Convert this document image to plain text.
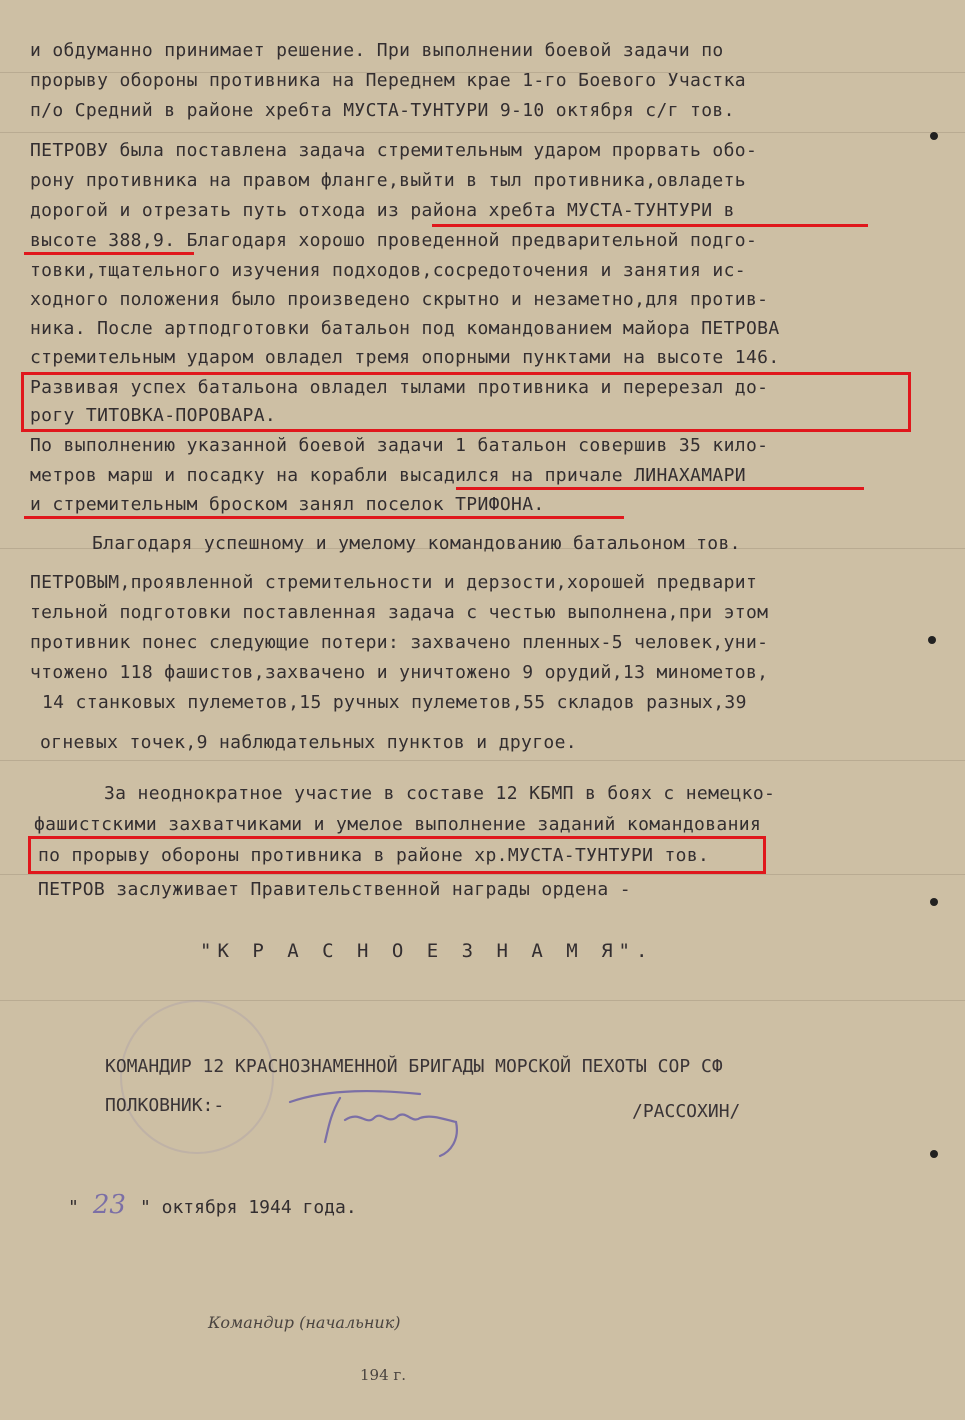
и обдуманно принимает решение. При выполнении боевой задачи по
прорыву обороны противника на Переднем крае 1-го Боевого Участка
п/о Средний в районе хребта МУСТА-ТУНТУРИ 9-10 октября с/г тов.
ПЕТРОВУ была поставлена задача стремительным ударом прорвать обо-
рону противника на правом фланге,выйти в тыл противника,овладеть
дорогой и отрезать путь отхода из района хребта МУСТА-ТУНТУРИ в
высоте 388,9. Благодаря хорошо проведенной предварительной подго-
товки,тщательного изучения подходов,сосредоточения и занятия ис-
ходного положения было произведено скрытно и незаметно,для против-
ника. После артподготовки батальон под командованием майора ПЕТРОВА
стремительным ударом овладел тремя опорными пунктами на высоте 146.
Развивая успех батальона овладел тылами противника и перерезал до-
рогу ТИТОВКА-ПОРОВАРА.
По выполнению указанной боевой задачи 1 батальон совершив 35 кило-
метров марш и посадку на корабли высадился на причале ЛИНАХАМАРИ
и стремительным броском занял поселок ТРИФОНА.
Благодаря успешному и умелому командованию батальоном тов.
ПЕТРОВЫМ,проявленной стремительности и дерзости,хорошей предварит
тельной подготовки поставленная задача с честью выполнена,при этом
противник понес следующие потери: захвачено пленных-5 человек,уни-
чтожено 118 фашистов,захвачено и уничтожено 9 орудий,13 минометов,
14 станковых пулеметов,15 ручных пулеметов,55 складов разных,39
огневых точек,9 наблюдательных пунктов и другое.
За неоднократное участие в составе 12 КБМП в боях с немецко-
фашистскими захватчиками и умелое выполнение заданий командования
по прорыву обороны противника в районе хр.МУСТА-ТУНТУРИ тов.
ПЕТРОВ заслуживает Правительственной награды ордена -
"К Р А С Н О Е З Н А М Я".
КОМАНДИР 12 КРАСНОЗНАМЕННОЙ БРИГАДЫ МОРСКОЙ ПЕХОТЫ СОР СФ
ПОЛКОВНИК:-	/РАССОХИН/
" 23 " октября 1944 года.
Командир (начальник)
194 г.
